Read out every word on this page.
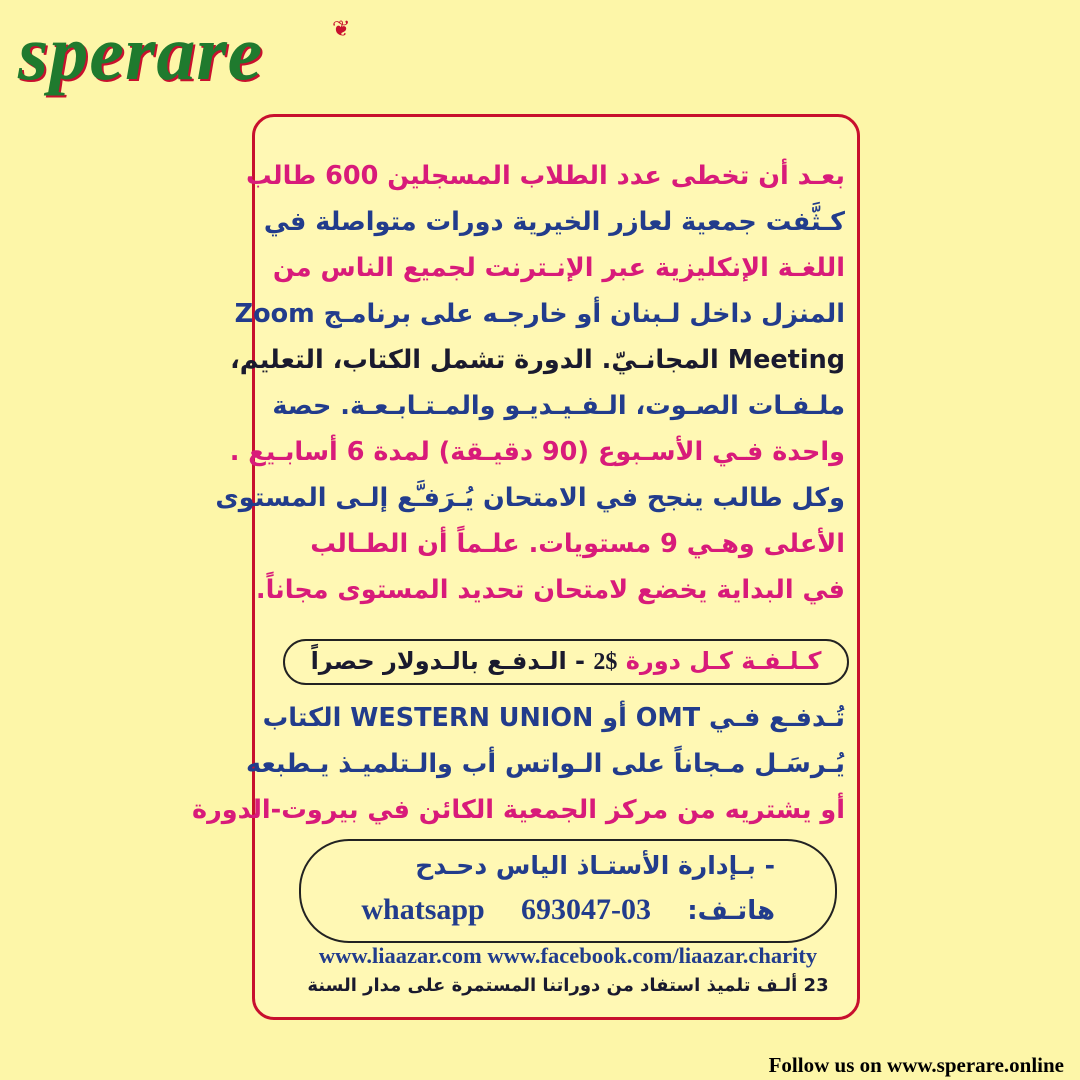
sperare	❦
بعـد أن تخطى عدد الطلاب المسجلين 600 طالب
كـثَّفت جمعية لعازر الخيرية دورات متواصلة في
اللغـة الإنكليزية عبر الإنـترنت لجميع الناس من
المنزل داخل لـبنان أو خارجـه على برنامـج Zoom
Meeting المجانـيّ. الدورة تشمل الكتاب، التعليم،
ملـفـات الصـوت، الـفـيـديـو والمـتـابـعـة. حصة
واحدة فـي الأسـبوع (90 دقيـقة) لمدة 6 أسابـيع .
وكل طالب ينجح في الامتحان يُـرَفـَّع إلـى المستوى
الأعلى وهـي 9 مستويات. علـماً أن الطـالب
في البداية يخضع لامتحان تحديد المستوى مجاناً.
كـلـفـة كـل دورة $2 - الـدفـع بالـدولار حصراً
تُـدفـع فـي OMT أو WESTERN UNION الكتاب
يُـرسَـل مـجاناً على الـواتس أب والـتلميـذ يـطبعه
أو يشتريه من مركز الجمعية الكائن في بيروت-الدورة
- بـإدارة الأستـاذ الياس دحـدح
هاتـف:    03-693047    whatsapp
www.liaazar.com www.facebook.com/liaazar.charity
23 ألـف تلميذ استفاد من دوراتنا المستمرة على مدار السنة
Follow us on www.sperare.online
